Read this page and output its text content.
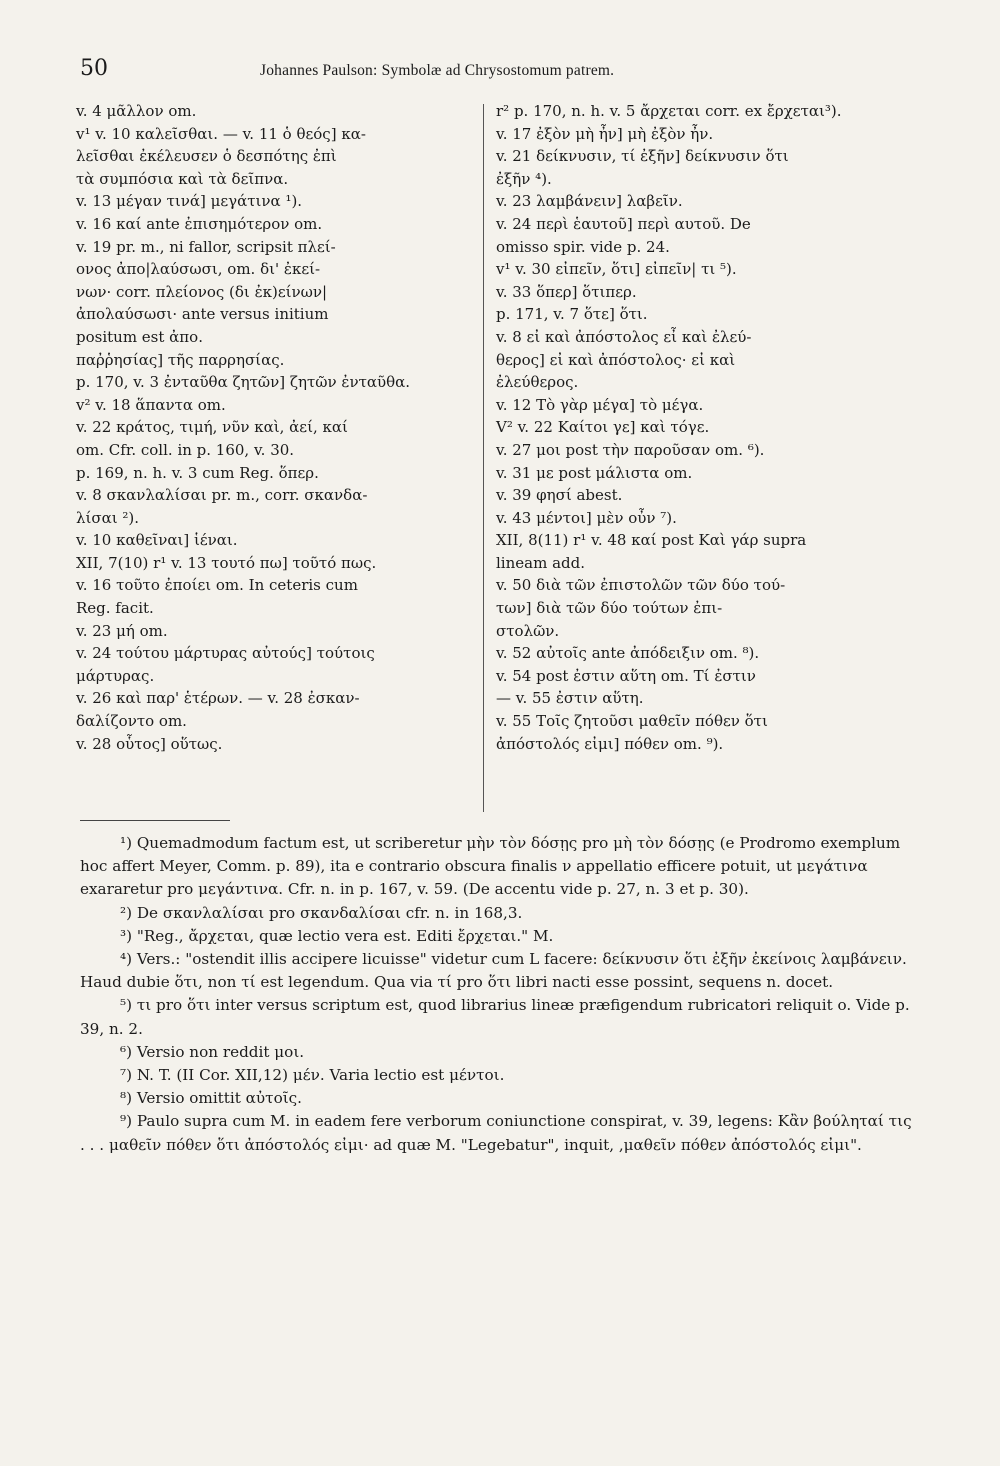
50	Johannes Paulson: Symbolæ ad Chrysostomum patrem.
v. 4 μᾶλλον om.
v¹ v. 10 καλεῖσθαι. — v. 11 ὁ θεός] κα-
λεῖσθαι ἐκέλευσεν ὁ δεσπότης ἐπὶ
τὰ συμπόσια καὶ τὰ δεῖπνα.
v. 13 μέγαν τινά] μεγάτινα ¹).
v. 16 καί ante ἐπισημότερον om.
v. 19 pr. m., ni fallor, scripsit πλεί-
ονος ἀπο|λαύσωσι, om. δι' ἐκεί-
νων· corr. πλείονος (δι ἐκ)είνων|
ἀπολαύσωσι· ante versus initium
positum est ἀπο.
παῤῥησίας] τῆς παρρησίας.
p. 170, v. 3 ἐνταῦθα ζητῶν] ζητῶν ἐνταῦθα.
v² v. 18 ἅπαντα om.
v. 22 κράτος, τιμή, νῦν καὶ, ἀεί, καί
om. Cfr. coll. in p. 160, v. 30.
p. 169, n. h. v. 3 cum Reg. ὅπερ.
v. 8 σκανλαλίσαι pr. m., corr. σκανδα-
λίσαι ²).
v. 10 καθεῖναι] ἱέναι.
XII, 7(10) r¹ v. 13 τουτό πω] τοῦτό πως.
v. 16 τοῦτο ἐποίει om. In ceteris cum
Reg. facit.
v. 23 μή om.
v. 24 τούτου μάρτυρας αὐτούς] τούτοις
μάρτυρας.
v. 26 καὶ παρ' ἑτέρων. — v. 28 ἐσκαν-
δαλίζοντο om.
v. 28 οὗτος] οὕτως.
r² p. 170, n. h. v. 5 ἄρχεται corr. ex ἔρχεται³).
v. 17 ἐξὸν μὴ ἦν] μὴ ἐξὸν ἦν.
v. 21 δείκνυσιν, τί ἐξῆν] δείκνυσιν ὅτι
ἐξῆν ⁴).
v. 23 λαμβάνειν] λαβεῖν.
v. 24 περὶ ἑαυτοῦ] περὶ αυτοῦ. De
omisso spir. vide p. 24.
v¹ v. 30 εἰπεῖν, ὅτι] εἰπεῖν| τι ⁵).
v. 33 ὅπερ] ὅτιπερ.
p. 171, v. 7 ὅτε] ὅτι.
v. 8 εἰ καὶ ἀπόστολος εἶ καὶ ἐλεύ-
θερος] εἰ καὶ ἀπόστολος· εἰ καὶ
ἐλεύθερος.
v. 12 Τὸ γὰρ μέγα] τὸ μέγα.
V² v. 22 Καίτοι γε] καὶ τόγε.
v. 27 μοι post τὴν παροῦσαν om. ⁶).
v. 31 με post μάλιστα om.
v. 39 φησί abest.
v. 43 μέντοι] μὲν οὖν ⁷).
XII, 8(11) r¹ v. 48 καί post Καὶ γάρ supra
lineam add.
v. 50 διὰ τῶν ἐπιστολῶν τῶν δύο τού-
των] διὰ τῶν δύο τούτων ἐπι-
στολῶν.
v. 52 αὐτοῖς ante ἀπόδειξιν om. ⁸).
v. 54 post ἐστιν αὕτη om. Τί ἐστιν
— v. 55 ἐστιν αὕτη.
v. 55 Τοῖς ζητοῦσι μαθεῖν πόθεν ὅτι
ἀπόστολός εἰμι] πόθεν om. ⁹).

¹) Quemadmodum factum est, ut scriberetur μὴν τὸν δόσῃς pro μὴ τὸν δόσῃς (e Prodromo exemplum hoc affert Meyer, Comm. p. 89), ita e contrario obscura finalis ν appellatio efficere potuit, ut μεγάτινα exararetur pro μεγάντινα. Cfr. n. in p. 167, v. 59. (De accentu vide p. 27, n. 3 et p. 30).

²) De σκανλαλίσαι pro σκανδαλίσαι cfr. n. in 168,3.

³) "Reg., ἄρχεται, quæ lectio vera est. Editi ἔρχεται." M.

⁴) Vers.: "ostendit illis accipere licuisse" videtur cum L facere: δείκνυσιν ὅτι ἐξῆν ἐκείνοις λαμβάνειν. Haud dubie ὅτι, non τί est legendum. Qua via τί pro ὅτι libri nacti esse possint, sequens n. docet.

⁵) τι pro ὅτι inter versus scriptum est, quod librarius lineæ præfigendum rubricatori reliquit o. Vide p. 39, n. 2.

⁶) Versio non reddit μοι.

⁷) N. T. (II Cor. XII,12) μέν. Varia lectio est μέντοι.

⁸) Versio omittit αὐτοῖς.

⁹) Paulo supra cum M. in eadem fere verborum coniunctione conspirat, v. 39, legens: Κἂν βούληταί τις . . . μαθεῖν πόθεν ὅτι ἀπόστολός εἰμι· ad quæ M. "Legebatur", inquit, ,μαθεῖν πόθεν ἀπόστολός εἰμι".
